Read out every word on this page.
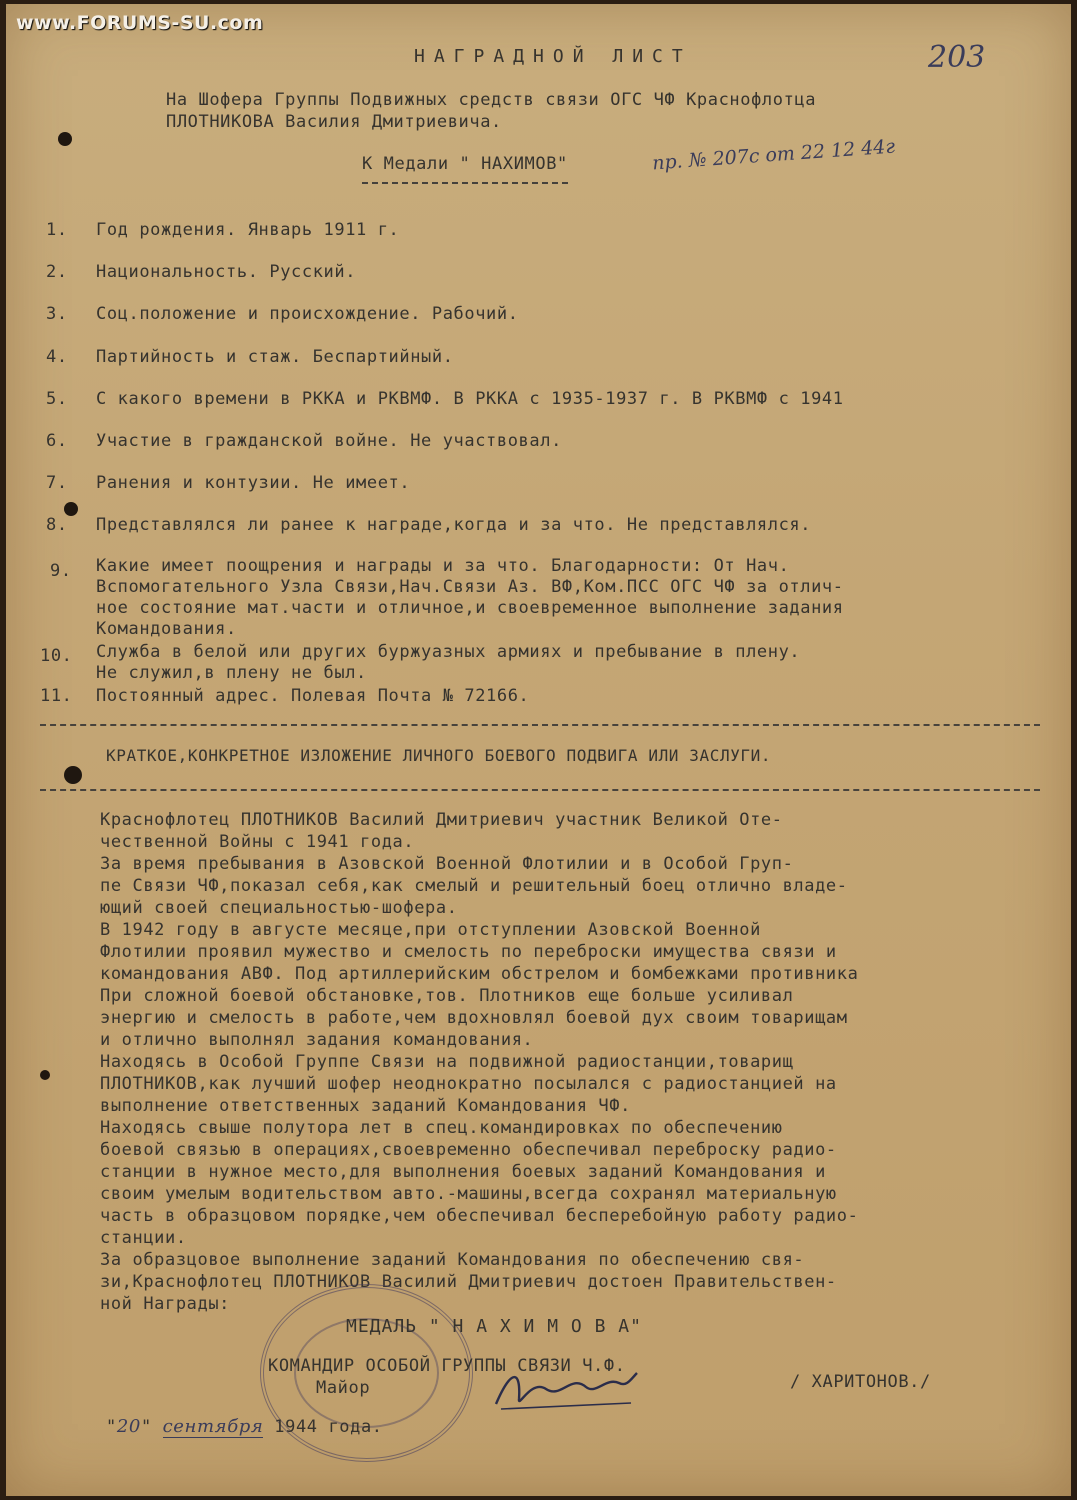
www.FORUMS-SU.com
203
НАГРАДНОЙ ЛИСТ
На Шофера Группы Подвижных средств связи ОГС ЧФ Краснофлотца
ПЛОТНИКОВА Василия Дмитриевича.
К Медали " НАХИМОВ"	пр. № 207с от 22 12 44г
1. Год рождения. Январь 1911 г.
2. Национальность. Русский.
3. Соц.положение и происхождение. Рабочий.
4. Партийность и стаж. Беспартийный.
5. С какого времени в РККА и РКВМФ. В РККА с 1935-1937 г. В РКВМФ с 1941
6. Участие в гражданской войне. Не участвовал.
7. Ранения и контузии. Не имеет.
8. Представлялся ли ранее к награде,когда и за что. Не представлялся.
9. Какие имеет поощрения и награды и за что. Благодарности: От Нач.
Вспомогательного Узла Связи,Нач.Связи Аз. ВФ,Ком.ПСС ОГС ЧФ за отлич-
ное состояние мат.части и отличное,и своевременное выполнение задания
Командования.
10. Служба в белой или других буржуазных армиях и пребывание в плену.
Не служил,в плену не был.
11. Постоянный адрес. Полевая Почта № 72166.
КРАТКОЕ,КОНКРЕТНОЕ ИЗЛОЖЕНИЕ ЛИЧНОГО БОЕВОГО ПОДВИГА ИЛИ ЗАСЛУГИ.
Краснофлотец ПЛОТНИКОВ Василий Дмитриевич участник Великой Оте-
чественной Войны с 1941 года.
За время пребывания в Азовской Военной Флотилии и в Особой Груп-
пе Связи ЧФ,показал себя,как смелый и решительный боец отлично владе-
ющий своей специальностью-шофера.
В 1942 году в августе месяце,при отступлении Азовской Военной
Флотилии проявил мужество и смелость по переброски имущества связи и
командования АВФ. Под артиллерийским обстрелом и бомбежками противника
При сложной боевой обстановке,тов. Плотников еще больше усиливал
энергию и смелость в работе,чем вдохновлял боевой дух своим товарищам
и отлично выполнял задания командования.
Находясь в Особой Группе Связи на подвижной радиостанции,товарищ
ПЛОТНИКОВ,как лучший шофер неоднократно посылался с радиостанцией на
выполнение ответственных заданий Командования ЧФ.
Находясь свыше полутора лет в спец.командировках по обеспечению
боевой связью в операциях,своевременно обеспечивал переброску радио-
станции в нужное место,для выполнения боевых заданий Командования и
своим умелым водительством авто.-машины,всегда сохранял материальную
часть в образцовом порядке,чем обеспечивал бесперебойную работу радио-
станции.
За образцовое выполнение заданий Командования по обеспечению свя-
зи,Краснофлотец ПЛОТНИКОВ Василий Дмитриевич достоен Правительствен-
ной Награды:
МЕДАЛЬ " Н А Х И М О В А"
КОМАНДИР ОСОБОЙ ГРУППЫ СВЯЗИ Ч.Ф.
Майор	/ ХАРИТОНОВ./
"20" сентября 1944 года.
